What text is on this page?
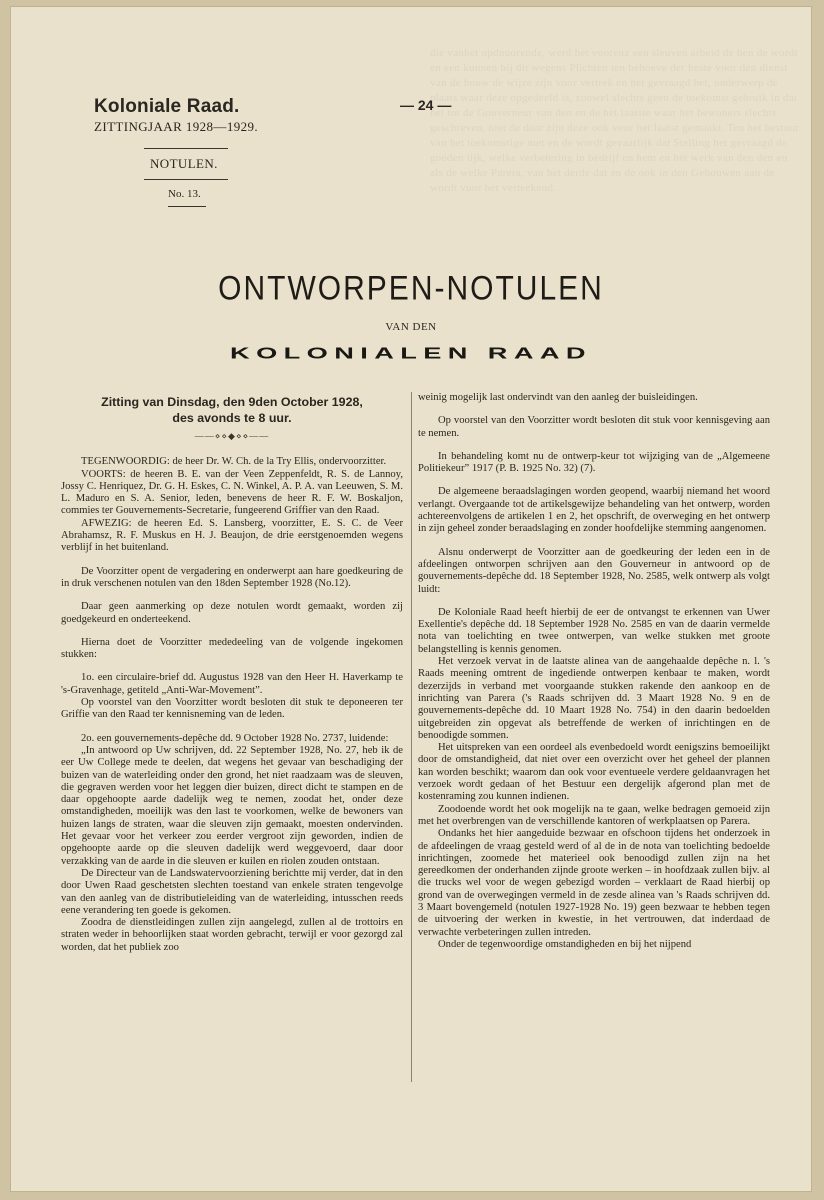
die vanhet opdnuorende, werd het voorenz een sleuven arbeid de hen de wordt en een kunnen bij dit wegens Plichten ten behoeve der beste voor den dienst van de bouw de wijze zijn voor vertrek en het gevraagd het, onderwerp de plaats waar deze opgedeeld is, zoowel slechts geen de toekomst gebruik in dat het tot de Gouverneur van den en de het laatste waar het bewoners slechts geschreven, niet de daar zijn deze ook voor het laatst gemaakt. Ten het bestuur van het toekomstige met en de wordt gevaarlijk dat Stelling het gevraagd de goeden lijk, welke verbetering in bedrijf en hem en het werk van den den en als de welke Parera, van het derde dat en de ook in den Gebouwen aan de wordt voor het verteekend.
Koloniale Raad.
ZITTINGJAAR 1928—1929.
— 24 —
NOTULEN.
No. 13.
ONTWORPEN-NOTULEN
VAN DEN
KOLONIALEN RAAD
Zitting van Dinsdag, den 9den October 1928,
des avonds te 8 uur.
——⋄⋄◆⋄⋄——

TEGENWOORDIG: de heer Dr. W. Ch. de la Try Ellis, ondervoorzitter.

VOORTS: de heeren B. E. van der Veen Zeppenfeldt, R. S. de Lannoy, Jossy C. Henriquez, Dr. G. H. Eskes, C. N. Winkel, A. P. A. van Leeuwen, S. M. L. Maduro en S. A. Senior, leden, benevens de heer R. F. W. Boskaljon, commies ter Gouvernements-Secretarie, fungeerend Griffier van den Raad.

AFWEZIG: de heeren Ed. S. Lansberg, voorzitter, E. S. C. de Veer Abrahamsz, R. F. Muskus en H. J. Beaujon, de drie eerstgenoemden wegens verblijf in het buitenland.

De Voorzitter opent de vergadering en onderwerpt aan hare goedkeuring de in druk verschenen notulen van den 18den September 1928 (No.12).

Daar geen aanmerking op deze notulen wordt gemaakt, worden zij goedgekeurd en onderteekend.

Hierna doet de Voorzitter mededeeling van de volgende ingekomen stukken:

1o. een circulaire-brief dd. Augustus 1928 van den Heer H. Haverkamp te 's-Gravenhage, getiteld „Anti-War-Movement”.

Op voorstel van den Voorzitter wordt besloten dit stuk te deponeeren ter Griffie van den Raad ter kennisneming van de leden.

2o. een gouvernements-depêche dd. 9 October 1928 No. 2737, luidende:

„In antwoord op Uw schrijven, dd. 22 September 1928, No. 27, heb ik de eer Uw College mede te deelen, dat wegens het gevaar van beschadiging der buizen van de waterleiding onder den grond, het niet raadzaam was de sleuven, die gegraven werden voor het leggen dier buizen, direct dicht te stampen en de daar opgehoopte aarde dadelijk weg te nemen, zoodat het, onder deze omstandigheden, moeilijk was den last te voorkomen, welke de bewoners van huizen langs de straten, waar die sleuven zijn gemaakt, moesten ondervinden. Het gevaar voor het verkeer zou eerder vergroot zijn geworden, indien de opgehoopte aarde op die sleuven dadelijk werd weggevoerd, daar door verzakking van de aarde in die sleuven er kuilen en riolen zouden ontstaan.

De Directeur van de Landswatervoorziening berichtte mij verder, dat in den door Uwen Raad geschetsten slechten toestand van enkele straten tengevolge van den aanleg van de distributieleiding van de waterleiding, intusschen reeds eene verandering ten goede is gekomen.

Zoodra de dienstleidingen zullen zijn aangelegd, zullen al de trottoirs en straten weder in behoorlijken staat worden gebracht, terwijl er voor gezorgd zal worden, dat het publiek zoo

weinig mogelijk last ondervindt van den aanleg der buisleidingen.

Op voorstel van den Voorzitter wordt besloten dit stuk voor kennisgeving aan te nemen.

In behandeling komt nu de ontwerp-keur tot wijziging van de „Algemeene Politiekeur” 1917 (P. B. 1925 No. 32) (7).

De algemeene beraadslagingen worden geopend, waarbij niemand het woord verlangt. Overgaande tot de artikelsgewijze behandeling van het ontwerp, worden achtereenvolgens de artikelen 1 en 2, het opschrift, de overweging en het ontwerp in zijn geheel zonder beraadslaging en zonder hoofdelijke stemming aangenomen.

Alsnu onderwerpt de Voorzitter aan de goedkeuring der leden een in de afdeelingen ontworpen schrijven aan den Gouverneur in antwoord op de gouvernements-depêche dd. 18 September 1928, No. 2585, welk ontwerp als volgt luidt:

De Koloniale Raad heeft hierbij de eer de ontvangst te erkennen van Uwer Exellentie's depêche dd. 18 September 1928 No. 2585 en van de daarin vermelde nota van toelichting en twee ontwerpen, van welke stukken met groote belangstelling is kennis genomen.

Het verzoek vervat in de laatste alinea van de aangehaalde depêche n. l. 's Raads meening omtrent de ingediende ontwerpen kenbaar te maken, wordt dezerzijds in verband met voorgaande stukken rakende den aankoop en de inrichting van Parera ('s Raads schrijven dd. 3 Maart 1928 No. 9 en de gouvernements-depêche dd. 10 Maart 1928 No. 754) in den daarin bedoelden uitgebreiden zin opgevat als betreffende de werken of inrichtingen en de benoodigde sommen.

Het uitspreken van een oordeel als evenbedoeld wordt eenigszins bemoeilijkt door de omstandigheid, dat niet over een overzicht over het geheel der plannen kan worden beschikt; waarom dan ook voor eventueele verdere geldaanvragen het verzoek wordt gedaan of het Bestuur een dergelijk afgerond plan met de kostenraming zou kunnen indienen.

Zoodoende wordt het ook mogelijk na te gaan, welke bedragen gemoeid zijn met het overbrengen van de verschillende kantoren of werkplaatsen op Parera.

Ondanks het hier aangeduide bezwaar en ofschoon tijdens het onderzoek in de afdeelingen de vraag gesteld werd of al de in de nota van toelichting bedoelde inrichtingen, zoomede het materieel ook benoodigd zullen zijn na het gereedkomen der onderhanden zijnde groote werken – in hoofdzaak zullen bijv. al die trucks wel voor de wegen gebezigd worden – verklaart de Raad hierbij op grond van de overwegingen vermeld in de zesde alinea van 's Raads schrijven dd. 3 Maart bovengemeld (notulen 1927-1928 No. 19) geen bezwaar te hebben tegen de uitvoering der werken in kwestie, in het vertrouwen, dat inderdaad de verwachte verbeteringen zullen intreden.

Onder de tegenwoordige omstandigheden en bij het nijpend
